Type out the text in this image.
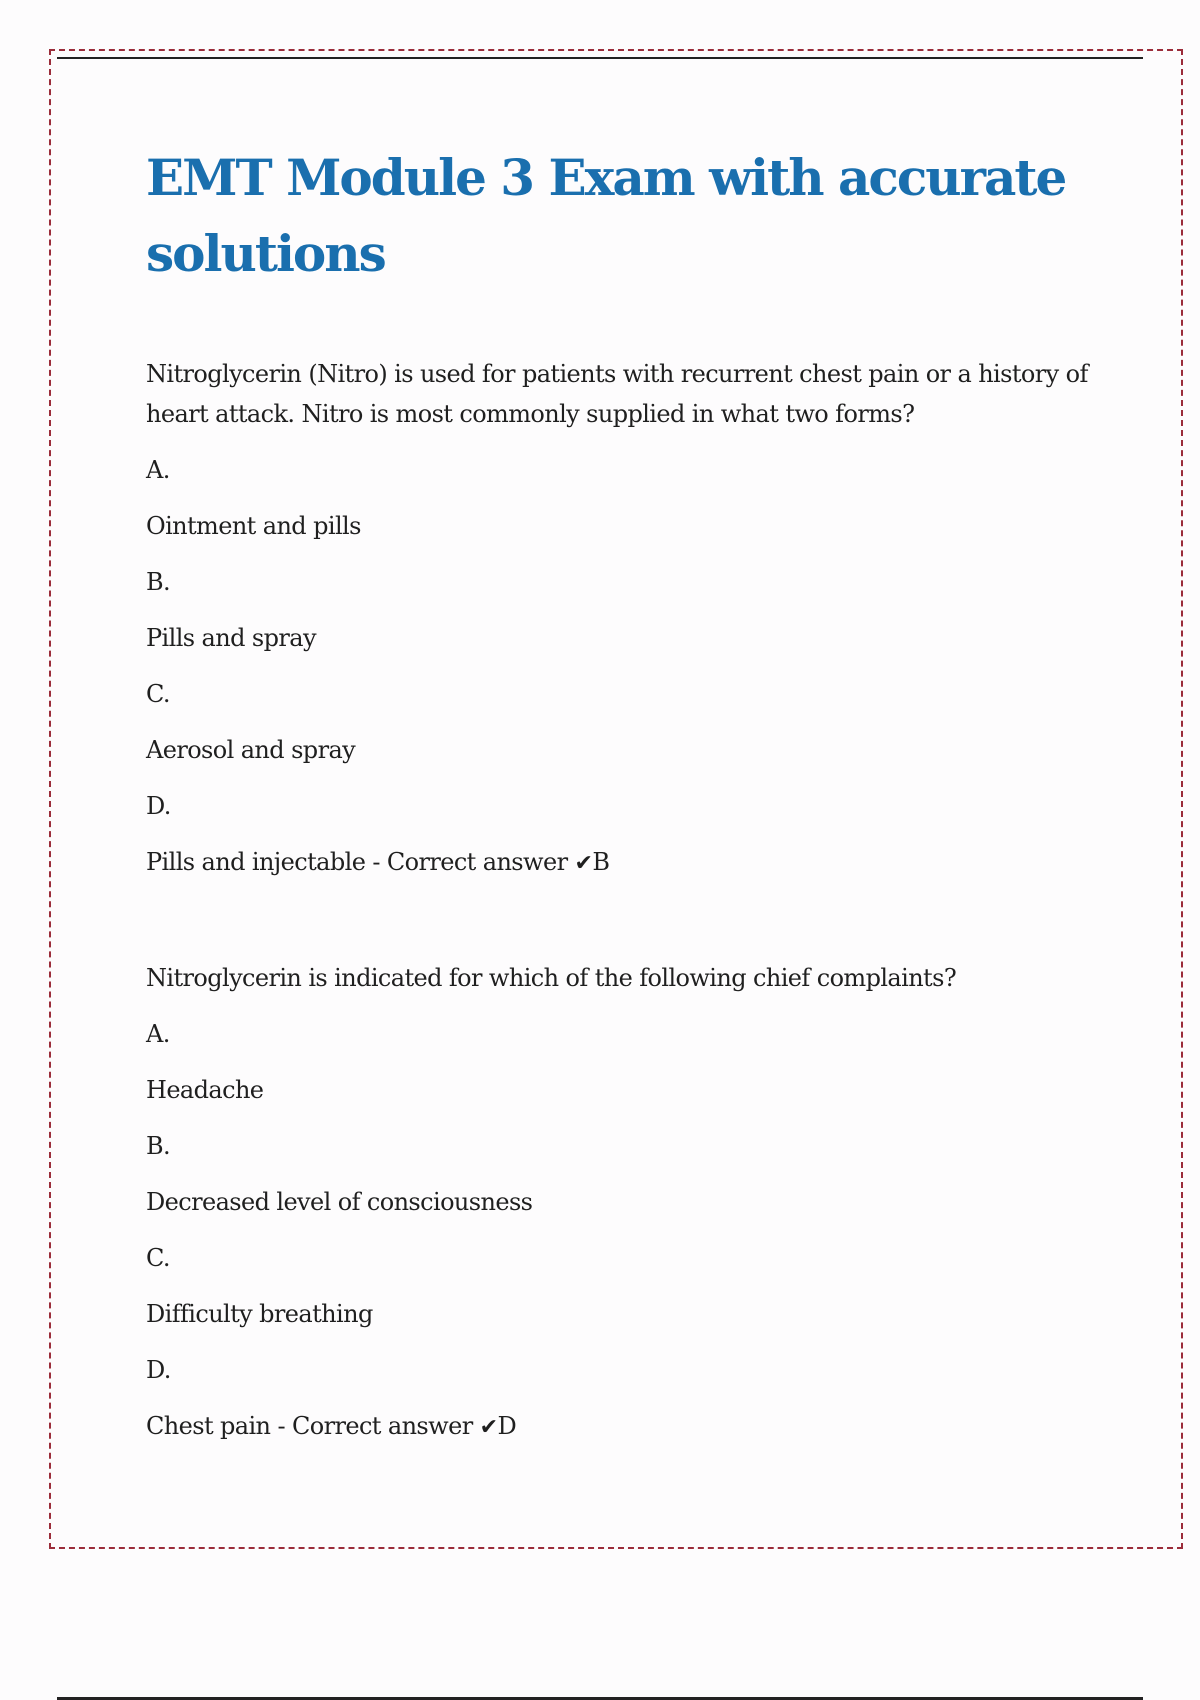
EMT Module 3 Exam with accurate solutions

Nitroglycerin (Nitro) is used for patients with recurrent chest pain or a history of heart attack. Nitro is most commonly supplied in what two forms?

A.

Ointment and pills

B.

Pills and spray

C.

Aerosol and spray

D.

Pills and injectable - Correct answer ✔B

Nitroglycerin is indicated for which of the following chief complaints?

A.

Headache

B.

Decreased level of consciousness

C.

Difficulty breathing

D.

Chest pain - Correct answer ✔D
